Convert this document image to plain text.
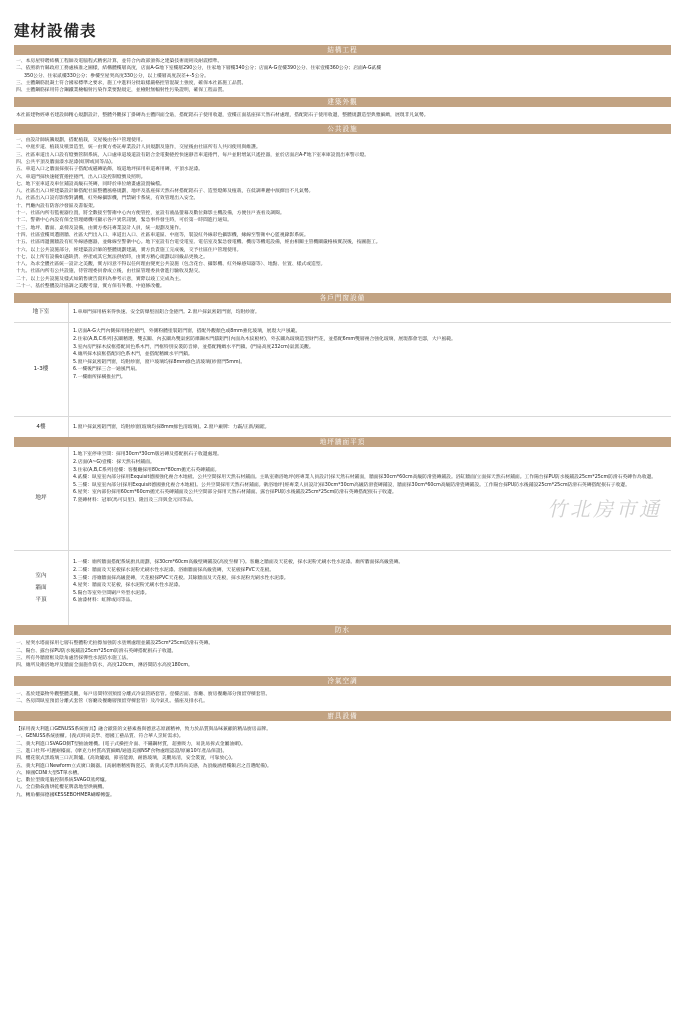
建材設備表
結構工程
一、本房屋特聘結構工程師及電腦程式精密計算，並符合內政部頒佈之建築技術規則及耐震標準。
二、依照新竹縣政府工務處核准之圖樣，結構體樓層高度，店面A-G地下室樓層290公分，住家地下層樓340公分；店面A-G壹樓390公分、住家壹樓360公分；店面A-G貳樓
350公分、住家貳樓330公分；參樓至屋突高度330公分，以上樓層高度誤差+-5公分。
三、主體鋼筋混凝土符合國家標準之要求，施工中進料分批取樣嚴格控管混凝土強度，確保本社區施工品質。
四、主體鋼筋採用符合鋼鐵業檢輻射污染作業要點規定，並檢附無輻射性污染證明，確保工程品質。
建築外觀
本社區建物經專名建設師精心規劃設計，整體外觀採丁掛磚為主體四面全貼，搭配鋁石子使用收邊，壹樓正面基座採天然石材處理，搭配鋁石子使用收邊，整體規劃造型典雅細緻，展現非凡氣勢。
公共設施
一、由設計師統籌規劃，搭配植栽，交屋後由各戶管理使用。
二、中庭步道、植栽及噴景造型，統一由實方委託專業設計人員規劃及施作，交屋後由社區所有人共同使用與維護。
三、社區車道出入口設有燈號管制系統，入口處車道坡道設有鋁合金電動捲控快速靜音車道捲門，每戶並附增氣只遙控器，並於店面店A-F地下室車庫設置出車警示燈。
四、公共平頂及牆面漆水泥漆(虹牌或同等品)。
五、車道入口之牆面採抿石子搭配或磁磚貼飾，坡道地坪採用車道專用磚，平頂水泥漆。
六、車道門採快速軽質捲控捲門，出入口設控制燈號及照明。
七、地下室車道及車位鋪設高級石英磚，同時於車位繪畫處設置輪檔。
八、社區出入口經建築設計師搭配社區整體風格規劃，地坪及基座採天然石材搭配鋁石子、造型燈飾及植栽，在低調華麗中演繹出不凡氣勢。
九、社區出入口設有影像對講機，紅外線攝影機，門禁刷卡系統，有效管理出入安全。
十、門廳內設有防客沙發區及書報架。
十一、社區內所有監視器位置，將全數接至警衛中心內方便管控，並設有液晶螢幕及數位錄影主機設備，方便住戶查看及調閱。
十二、警衛中心內設有保全管理總機可顯示各戶異常訊號，緊急事件發生時，可於第一時間進行通知。
十三、地坪、牆面、桌椅及設備，由實方委託專業設計人員，統一規劃及施作。
十四、社區壹樓周遭圍牆、社區大門出入口、車道出入口、社區車道區、中庭等，裝設紅外線彩色攝影機，緣線至警衛中心監視錄影系統。
十五、社區周邊圍牆設有紅外線感應器，並緣線至警衛中心。地下室設有台電受電室、電信室及緊急發電機、機房等機電設備，經由相關主管機關嚴格核實誤後，按圖施工。
十六、以上公共設施部分，經建築設計師的整體規劃建議，實方負責施工完成後，交予社區住戶管理使用。
十七、以上所有設備如遇缺貨、停產或其它無法供給時，由實方精心規劃以同級品更換之。
十八、為求全體社區統一設計之美觀，實方同意不得以任何理由變更公共設施（包含花台、攝影機、紅外線感知器等）、地點、位置、樣式或造型。
十九、社區內所有公共設施，待管理委員會成立後，由社區管理委員會進行驗收及點交。
二十、以上公共設施及樣式如銷售廣告資料為參考示意，實際以竣工完成為主。
二十一、基於整體設計協調之美觀考量，實方保有外觀、中庭修改權。
各戶門窗設備
地下室	1.車庫門採用格來得快速、安全防爆堅固鋁合金捲門。2.窗戶採氣密鋁門窗，均附紗窗。
1-3樓
1.店面A-G大門內側採用捲控捲門，外側粉體塗裝鋁門窗，搭配外觀顏色或8mm強化玻璃，展現大戶風範。
2.住家(A,B,C系列)玄關精選，雙玄關、內玄關為雙氣密防爆鋼木門鑄鋁門(內面為木紋板材)，外玄關為玻璃造型財門花，並搭配6mm雙層複合強化玻璃，展現都會宅邸，大戶風範。
3.室內房門採木紋框搭配同色系木門，門框特別安裝防音條，並搭配精緻水平門鎖。(門扇高度232cm)氣派美觀。
4.廁所採木紋框搭配同色系木門，並搭配精緻水平門鎖。
5.窗戶採氣密鋁門窗，均附紗窗，窗戶玻璃均採8mm綠色清玻璃(紗窗門5mm)。
6.一樓後門採三合一通風門扇。
7.一樓廁所採橫推拉門。
4樓	1.窗戶採氣密鋁門窗，均附紗窗(玻璃均採8mm綠色清玻璃)。2.窗戶廠牌：力霸/正新/錦鋐。
地坪牆面平頂
地坪
1.地下室停車空間：採用30cm*30cm版岩磚及搭配抿石子收邊處理。
2.店面(A~G)壹樓：採天然石材鋪面。
3.住家(A,B,C系列)壹樓：客餐廳採用80cm*80cm拋光石英磚鋪面。
4.貳樓：臥室室內部分採用Exquisit德國強化複合木地板。公共空間採用天然石材鋪面。主臥室衛浴地坪(經專業人員設計)採天然石材鋪面，牆面採30cm*60cm高級防滑瓷磚鋪設。浴缸牆面/立面採天然石材鋪面。工作陽台採PU防水後鋪設25cm*25cm防滑石英磚作為收邊。
5.三樓：臥室室內部分(採用Exquisit德國強化複合木地板)。公共空間採用天然石材鋪面。衛浴地坪(經專業人員設計)採30cm*30cm高級防滑瓷磚鋪設，牆面採30cm*60cm高級防滑瓷磚鋪設。工作陽台採PU防水後鋪設25cm*25cm防滑石英磚搭配抿石子收邊。
6.屋突：室內部份採用60cm*60cm拋光石英磚鋪面及公共空間部分採用天然石材鋪面。露台採PU防水後鋪設25cm*25cm防滑石英磚搭配抿石子收邊。
7.瓷磚材料：冠軍(馬可貝里)、隆昌及三洋與金元同等品。
室內
牆面
平頂
1.一樓：廁所牆面搭配系統廚具規劃，採30cm*60cm高級壁磚鋪設(高度至樑下)。客廳之牆面及天花板，採水泥粉光刷水性水泥漆。廁所牆面採高級瓷磚。
2.二樓：牆面及天花板採水泥粉光刷水性水泥漆。浴廁牆面採高級瓷磚，天花板採PVC天花板。
3.三樓：浴廁牆面採高級瓷磚，天花板採PVC天花板。其餘牆面及天花板，採水泥粉光刷水性水泥漆。
4.屋突：牆面及天花板，採水泥粉光刷水性水泥漆。
5.陽台等室外空間刷戶外型水泥漆。
6.油漆材料：虹牌或同等品。
防水
一、屋突水塔面採用七層石整體粉光拍擦加強防水塗劑處理並鋪設25cm*25cm防滑石英磚。
二、陽台、露台採PU防水後鋪設25cm*25cm防滑石英磚搭配抿石子收邊。
三、所有外牆窗框及陰角處皆採彈性水泥防水施工法。
四、廁所及衛浴地坪及牆面全面施作防水，高度120cm，淋浴間防水高度180cm。
冷氣空調
一、基於建築物外觀整體美觀，每戶房間特別預留分離式冷氣管路套管。壹樓店面、客廳、廚房餐廳部分預留穿樑套管。
二、各房間臥室預留分離式套管（客廳及餐廳層預留穿樑套管）及冷氣孔、插座及排水孔。
廚具設備
【採用義大利進口GENUSS系統廚具】融合歐陸的文藝素養與德意志原創精神，致力於品質與品味兼顧的精品廚房品牌。
一、GENUSS系統廚櫃。(義式時尚美學、德國工藝品質、符合華人烹飪需求)。
二、義大利進口SVAGO側T型抽油煙機。(電子式操控介面、不鏽鋼材質，超強吸力，易洗易拆式金屬油網)。
三、進口杜邦-可麗耐檯面。(摩克力材質高質細緻/通過美國NSF食物處理認證/原廠10年產品保證)。
四、櫻花嵌式黑玻璃三口瓦斯爐。(高效爐頭，節省能源，耐熱玻璃，美觀易清，安全裝置，可靠放心)。
五、義大利進口Newform立式廣口鍋器。(高耐磨精密陶瓷芯，新義式美學具時尚美感，為頂級涵碧樓飯店之首選配備)。
六、韓國CONI大型ST單水槽。
七、數位型微電腦控制系統SVAGO蒸烤爐。
八、全自動殺菌烘乾櫻花牌落地型烘碗機。
九、轉角櫃採德國KESSEBÖHMER蝴蝶轉盤。
竹北房市通
